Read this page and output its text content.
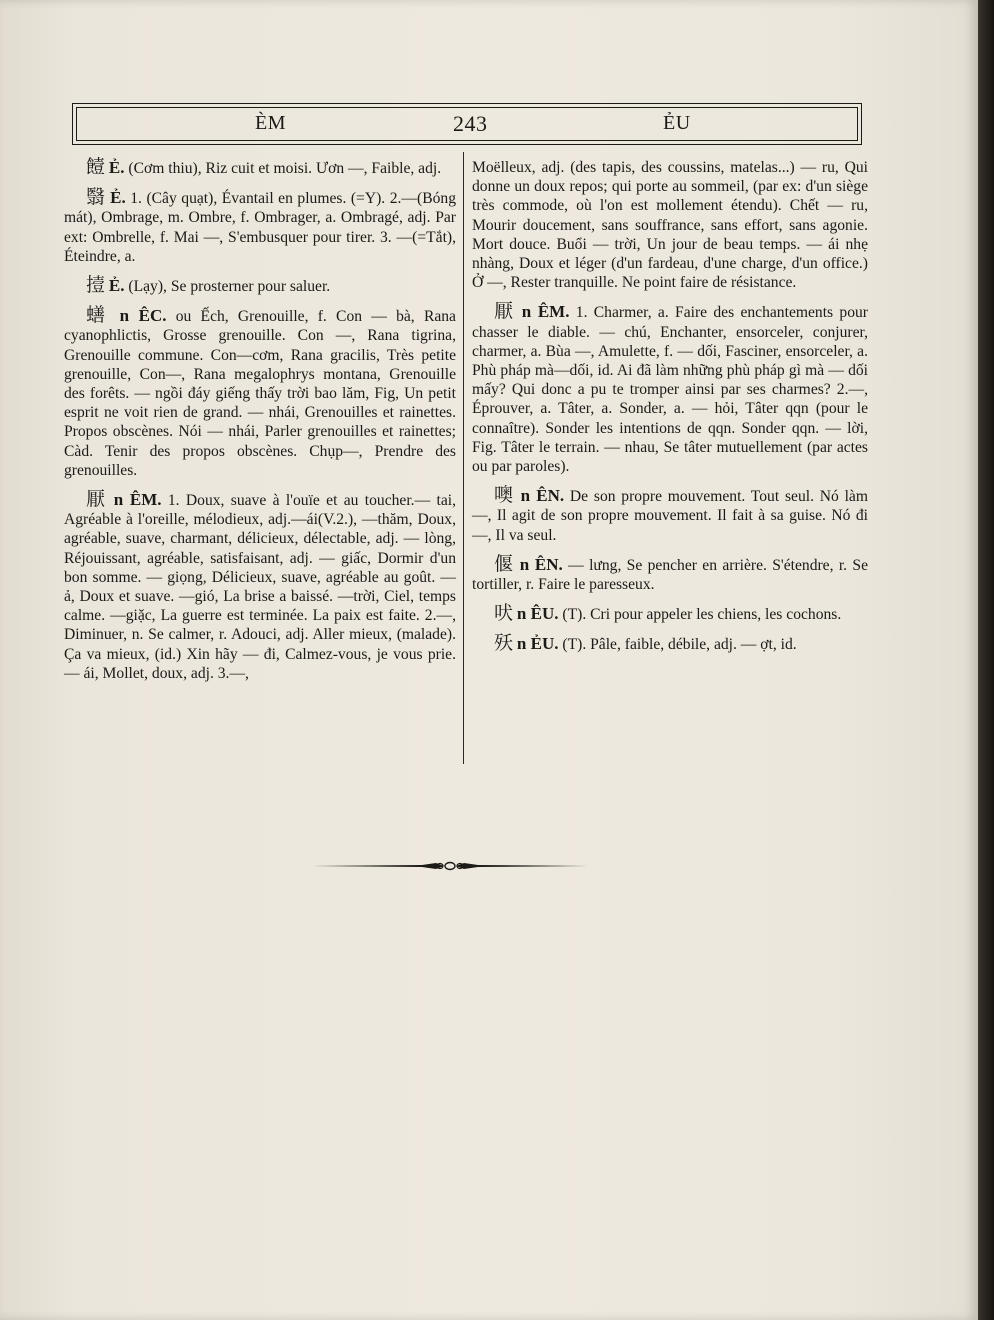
ÈM	243	ẺU

饐 Ẻ. (Cơm thiu), Riz cuit et moisi. Ươn —, Faible, adj.

翳 Ẻ. 1. (Cây quạt), Évantail en plumes. (=Y). 2.—(Bóng mát), Ombrage, m. Ombre, f. Ombrager, a. Ombragé, adj. Par ext: Ombrelle, f. Mai —, S'embusquer pour tirer. 3. —(=Tắt), Éteindre, a.

撎 Ẻ. (Lạy), Se prosterner pour saluer.

蟮 n ÊC. ou Ếch, Grenouille, f. Con — bà, Rana cyanophlictis, Grosse grenouille. Con —, Rana tigrina, Grenouille commune. Con—cơm, Rana gracilis, Très petite grenouille, Con—, Rana megalophrys montana, Grenouille des forêts. — ngồi đáy giếng thấy trời bao lăm, Fig, Un petit esprit ne voit rien de grand. — nhái, Grenouilles et rainettes. Propos obscènes. Nói — nhái, Parler grenouilles et rainettes; Càd. Tenir des propos obscènes. Chụp—, Prendre des grenouilles.

厭 n ÊM. 1. Doux, suave à l'ouïe et au toucher.— tai, Agréable à l'oreille, mélodieux, adj.—ái(V.2.), —thăm, Doux, agréable, suave, charmant, délicieux, délectable, adj. — lòng, Réjouissant, agréable, satisfaisant, adj. — giấc, Dormir d'un bon somme. — giọng, Délicieux, suave, agréable au goût. — ả, Doux et suave. —gió, La brise a baissé. —trời, Ciel, temps calme. —giặc, La guerre est terminée. La paix est faite. 2.—, Diminuer, n. Se calmer, r. Adouci, adj. Aller mieux, (malade). Ça va mieux, (id.) Xin hãy — đi, Calmez-vous, je vous prie. — ái, Mollet, doux, adj. 3.—,

Moëlleux, adj. (des tapis, des coussins, matelas...) — ru, Qui donne un doux repos; qui porte au sommeil, (par ex: d'un siège très commode, où l'on est mollement étendu). Chết — ru, Mourir doucement, sans souffrance, sans effort, sans agonie. Mort douce. Buổi — trời, Un jour de beau temps. — ái nhẹ nhàng, Doux et léger (d'un fardeau, d'une charge, d'un office.) Ở —, Rester tranquille. Ne point faire de résistance.

厭 n ÊM. 1. Charmer, a. Faire des enchantements pour chasser le diable. — chú, Enchanter, ensorceler, conjurer, charmer, a. Bùa —, Amulette, f. — dối, Fasciner, ensorceler, a. Phù pháp mà—dối, id. Ai đã làm những phù pháp gì mà — dối mấy? Qui donc a pu te tromper ainsi par ses charmes? 2.—, Éprouver, a. Tâter, a. Sonder, a. — hỏi, Tâter qqn (pour le connaître). Sonder les intentions de qqn. Sonder qqn. — lời, Fig. Tâter le terrain. — nhau, Se tâter mutuellement (par actes ou par paroles).

噢 n ÊN. De son propre mouvement. Tout seul. Nó làm —, Il agit de son propre mouvement. Il fait à sa guise. Nó đi —, Il va seul.

偃 n ÊN. — lưng, Se pencher en arrière. S'étendre, r. Se tortiller, r. Faire le paresseux.

吠 n ÊU. (T). Cri pour appeler les chiens, les cochons.

殀 n ẺU. (T). Pâle, faible, débile, adj. — ợt, id.
